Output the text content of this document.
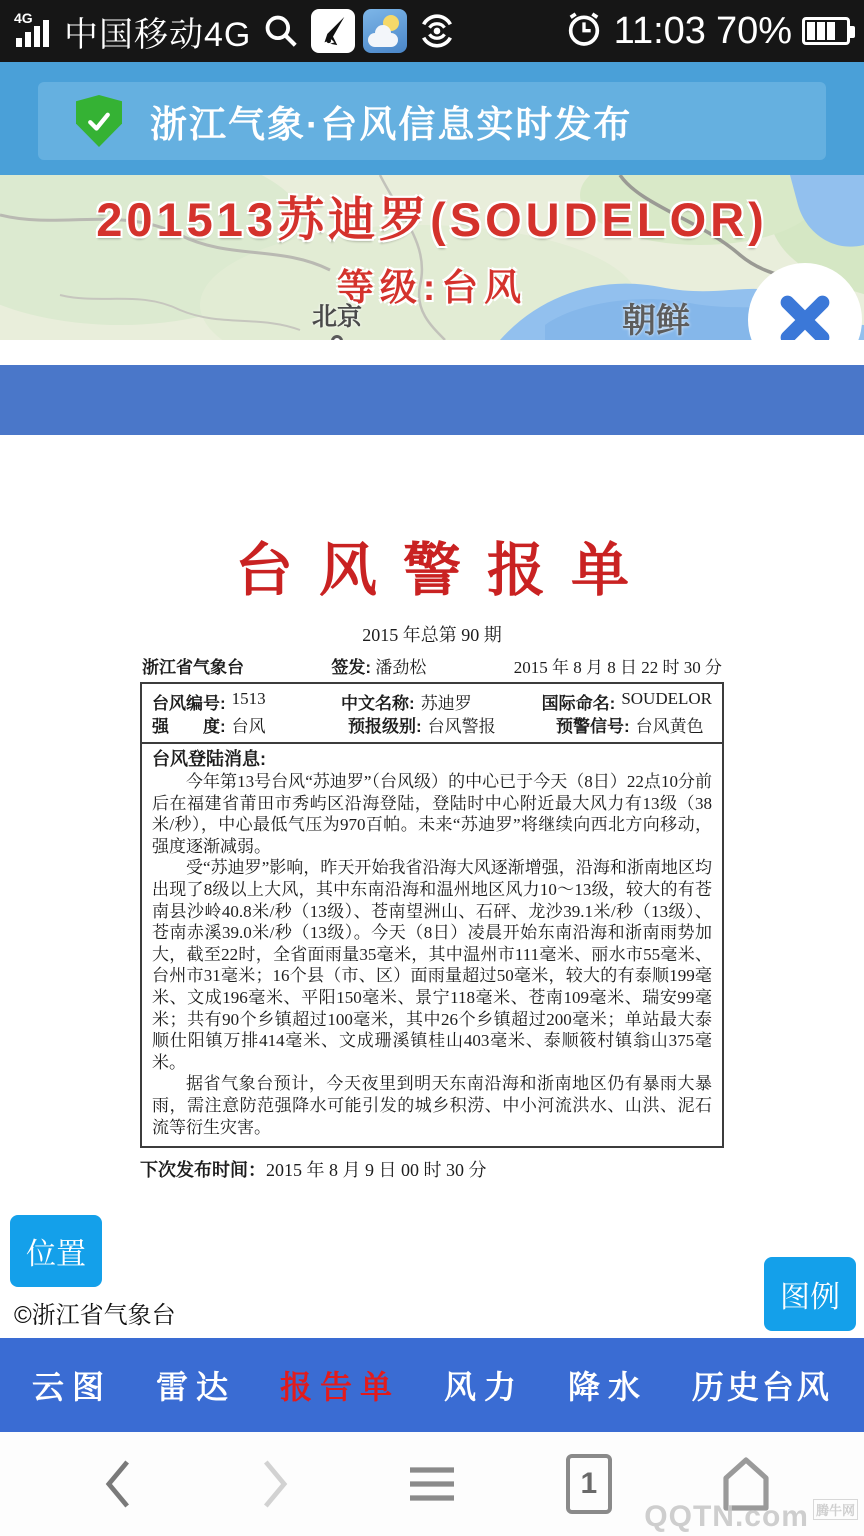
4G 中国移动4G	11:03 70%
浙江气象·台风信息实时发布
201513苏迪罗(SOUDELOR)
等级:台风
北京	朝鲜
台风警报单
2015 年总第 90 期
浙江省气象台	签发: 潘劲松	2015 年 8 月 8 日 22 时 30 分
台风编号: 1513	中文名称: 苏迪罗	国际命名: SOUDELOR
强　　度: 台风	预报级别: 台风警报	预警信号: 台风黄色
台风登陆消息:

今年第13号台风“苏迪罗”（台风级）的中心已于今天（8日）22点10分前后在福建省莆田市秀屿区沿海登陆，登陆时中心附近最大风力有13级（38米/秒），中心最低气压为970百帕。未来“苏迪罗”将继续向西北方向移动，强度逐渐减弱。

受“苏迪罗”影响，昨天开始我省沿海大风逐渐增强，沿海和浙南地区均出现了8级以上大风，其中东南沿海和温州地区风力10～13级，较大的有苍南县沙岭40.8米/秒（13级）、苍南望洲山、石砰、龙沙39.1米/秒（13级）、苍南赤溪39.0米/秒（13级）。今天（8日）凌晨开始东南沿海和浙南雨势加大，截至22时，全省面雨量35毫米，其中温州市111毫米、丽水市55毫米、台州市31毫米；16个县（市、区）面雨量超过50毫米，较大的有泰顺199毫米、文成196毫米、平阳150毫米、景宁118毫米、苍南109毫米、瑞安99毫米；共有90个乡镇超过100毫米，其中26个乡镇超过200毫米；单站最大泰顺仕阳镇万排414毫米、文成珊溪镇桂山403毫米、泰顺筱村镇翁山375毫米。

据省气象台预计，今天夜里到明天东南沿海和浙南地区仍有暴雨大暴雨，需注意防范强降水可能引发的城乡积涝、中小河流洪水、山洪、泥石流等衍生灾害。

下次发布时间：2015 年 8 月 9 日 00 时 30 分
位置
©浙江省气象台
图例
云图 雷达 报告单 风力 降水 历史台风
1
QQTN.com 腾牛网
